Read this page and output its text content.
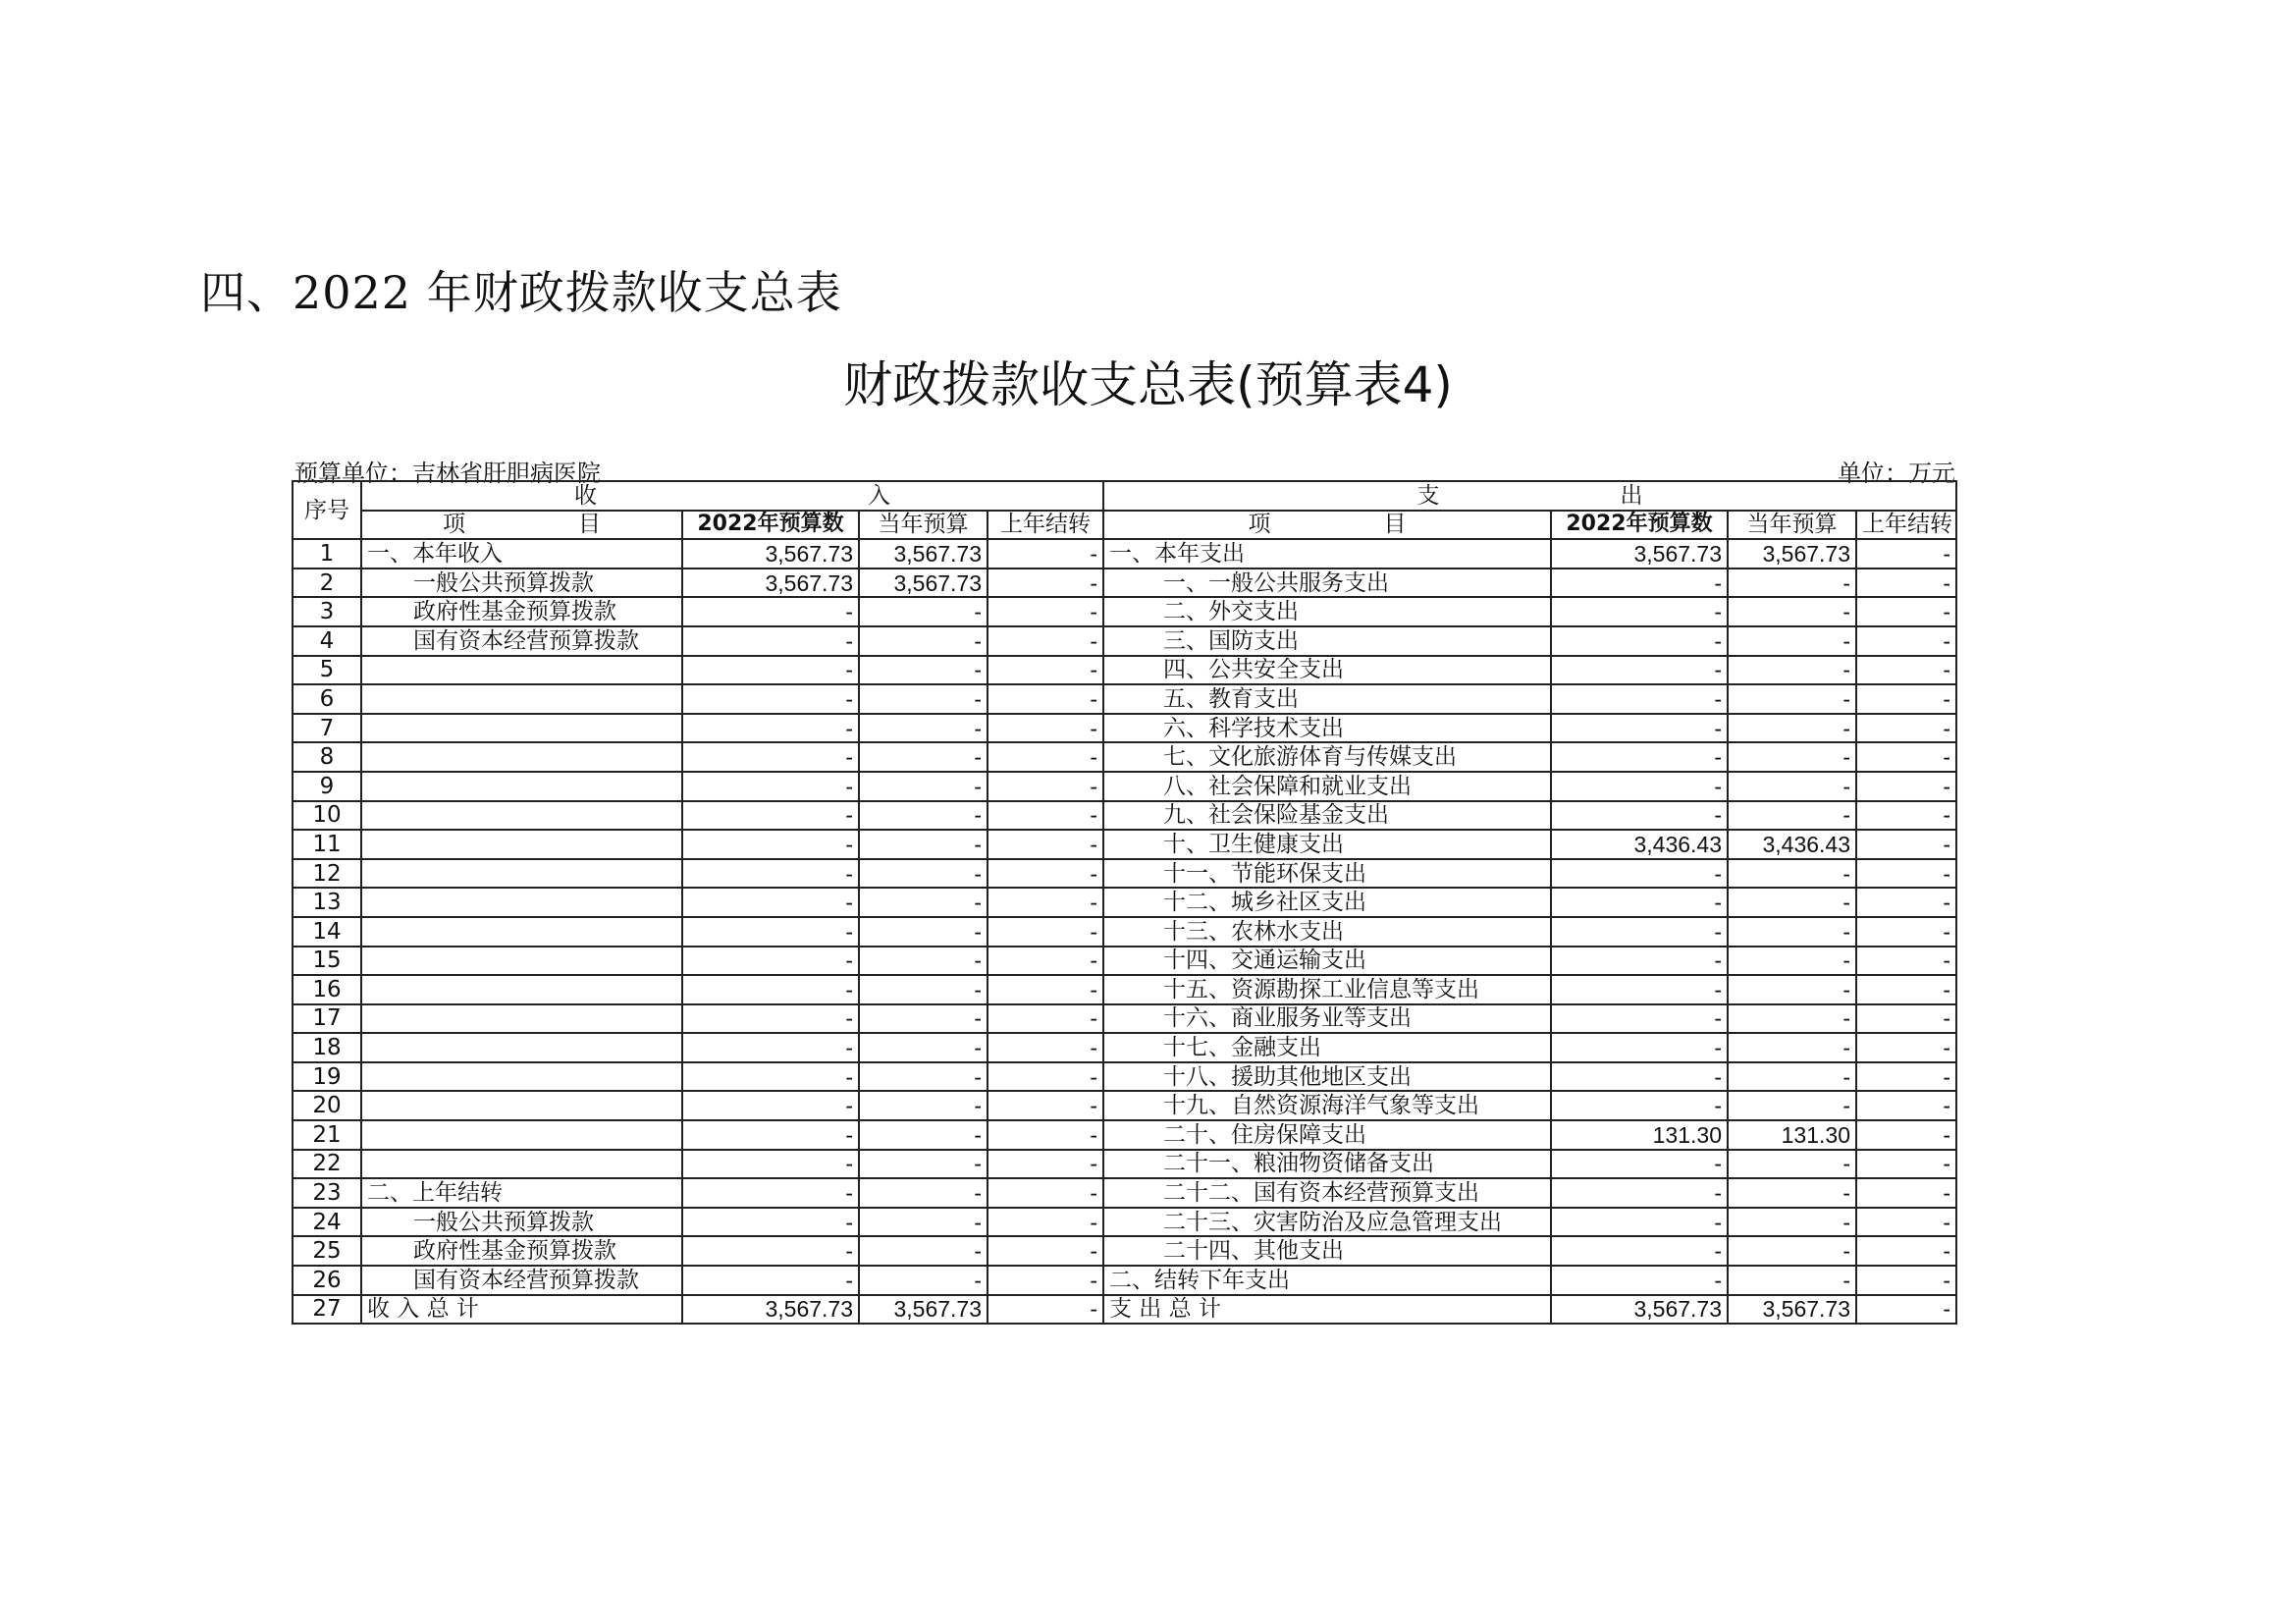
四、2022 年财政拨款收支总表
财政拨款收支总表(预算表4)
预算单位：吉林省肝胆病医院	单位：万元
序号	收　　　　　　　　　　　　入				支　　　　　　　　出			
	项　　　　　目	2022年预算数	当年预算	上年结转	项　　　　　目	2022年预算数	当年预算	上年结转
1	一、本年收入	3,567.73	3,567.73	-	一、本年支出	3,567.73	3,567.73	-
2	一般公共预算拨款	3,567.73	3,567.73	-	一、一般公共服务支出	-	-	-
3	政府性基金预算拨款	-	-	-	二、外交支出	-	-	-
4	国有资本经营预算拨款	-	-	-	三、国防支出	-	-	-
5		-	-	-	四、公共安全支出	-	-	-
6		-	-	-	五、教育支出	-	-	-
7		-	-	-	六、科学技术支出	-	-	-
8		-	-	-	七、文化旅游体育与传媒支出	-	-	-
9		-	-	-	八、社会保障和就业支出	-	-	-
10		-	-	-	九、社会保险基金支出	-	-	-
11		-	-	-	十、卫生健康支出	3,436.43	3,436.43	-
12		-	-	-	十一、节能环保支出	-	-	-
13		-	-	-	十二、城乡社区支出	-	-	-
14		-	-	-	十三、农林水支出	-	-	-
15		-	-	-	十四、交通运输支出	-	-	-
16		-	-	-	十五、资源勘探工业信息等支出	-	-	-
17		-	-	-	十六、商业服务业等支出	-	-	-
18		-	-	-	十七、金融支出	-	-	-
19		-	-	-	十八、援助其他地区支出	-	-	-
20		-	-	-	十九、自然资源海洋气象等支出	-	-	-
21		-	-	-	二十、住房保障支出	131.30	131.30	-
22		-	-	-	二十一、粮油物资储备支出	-	-	-
23	二、上年结转	-	-	-	二十二、国有资本经营预算支出	-	-	-
24	一般公共预算拨款	-	-	-	二十三、灾害防治及应急管理支出	-	-	-
25	政府性基金预算拨款	-	-	-	二十四、其他支出	-	-	-
26	国有资本经营预算拨款	-	-	-	二、结转下年支出	-	-	-
27	收 入 总 计	3,567.73	3,567.73	-	支 出 总 计	3,567.73	3,567.73	-
